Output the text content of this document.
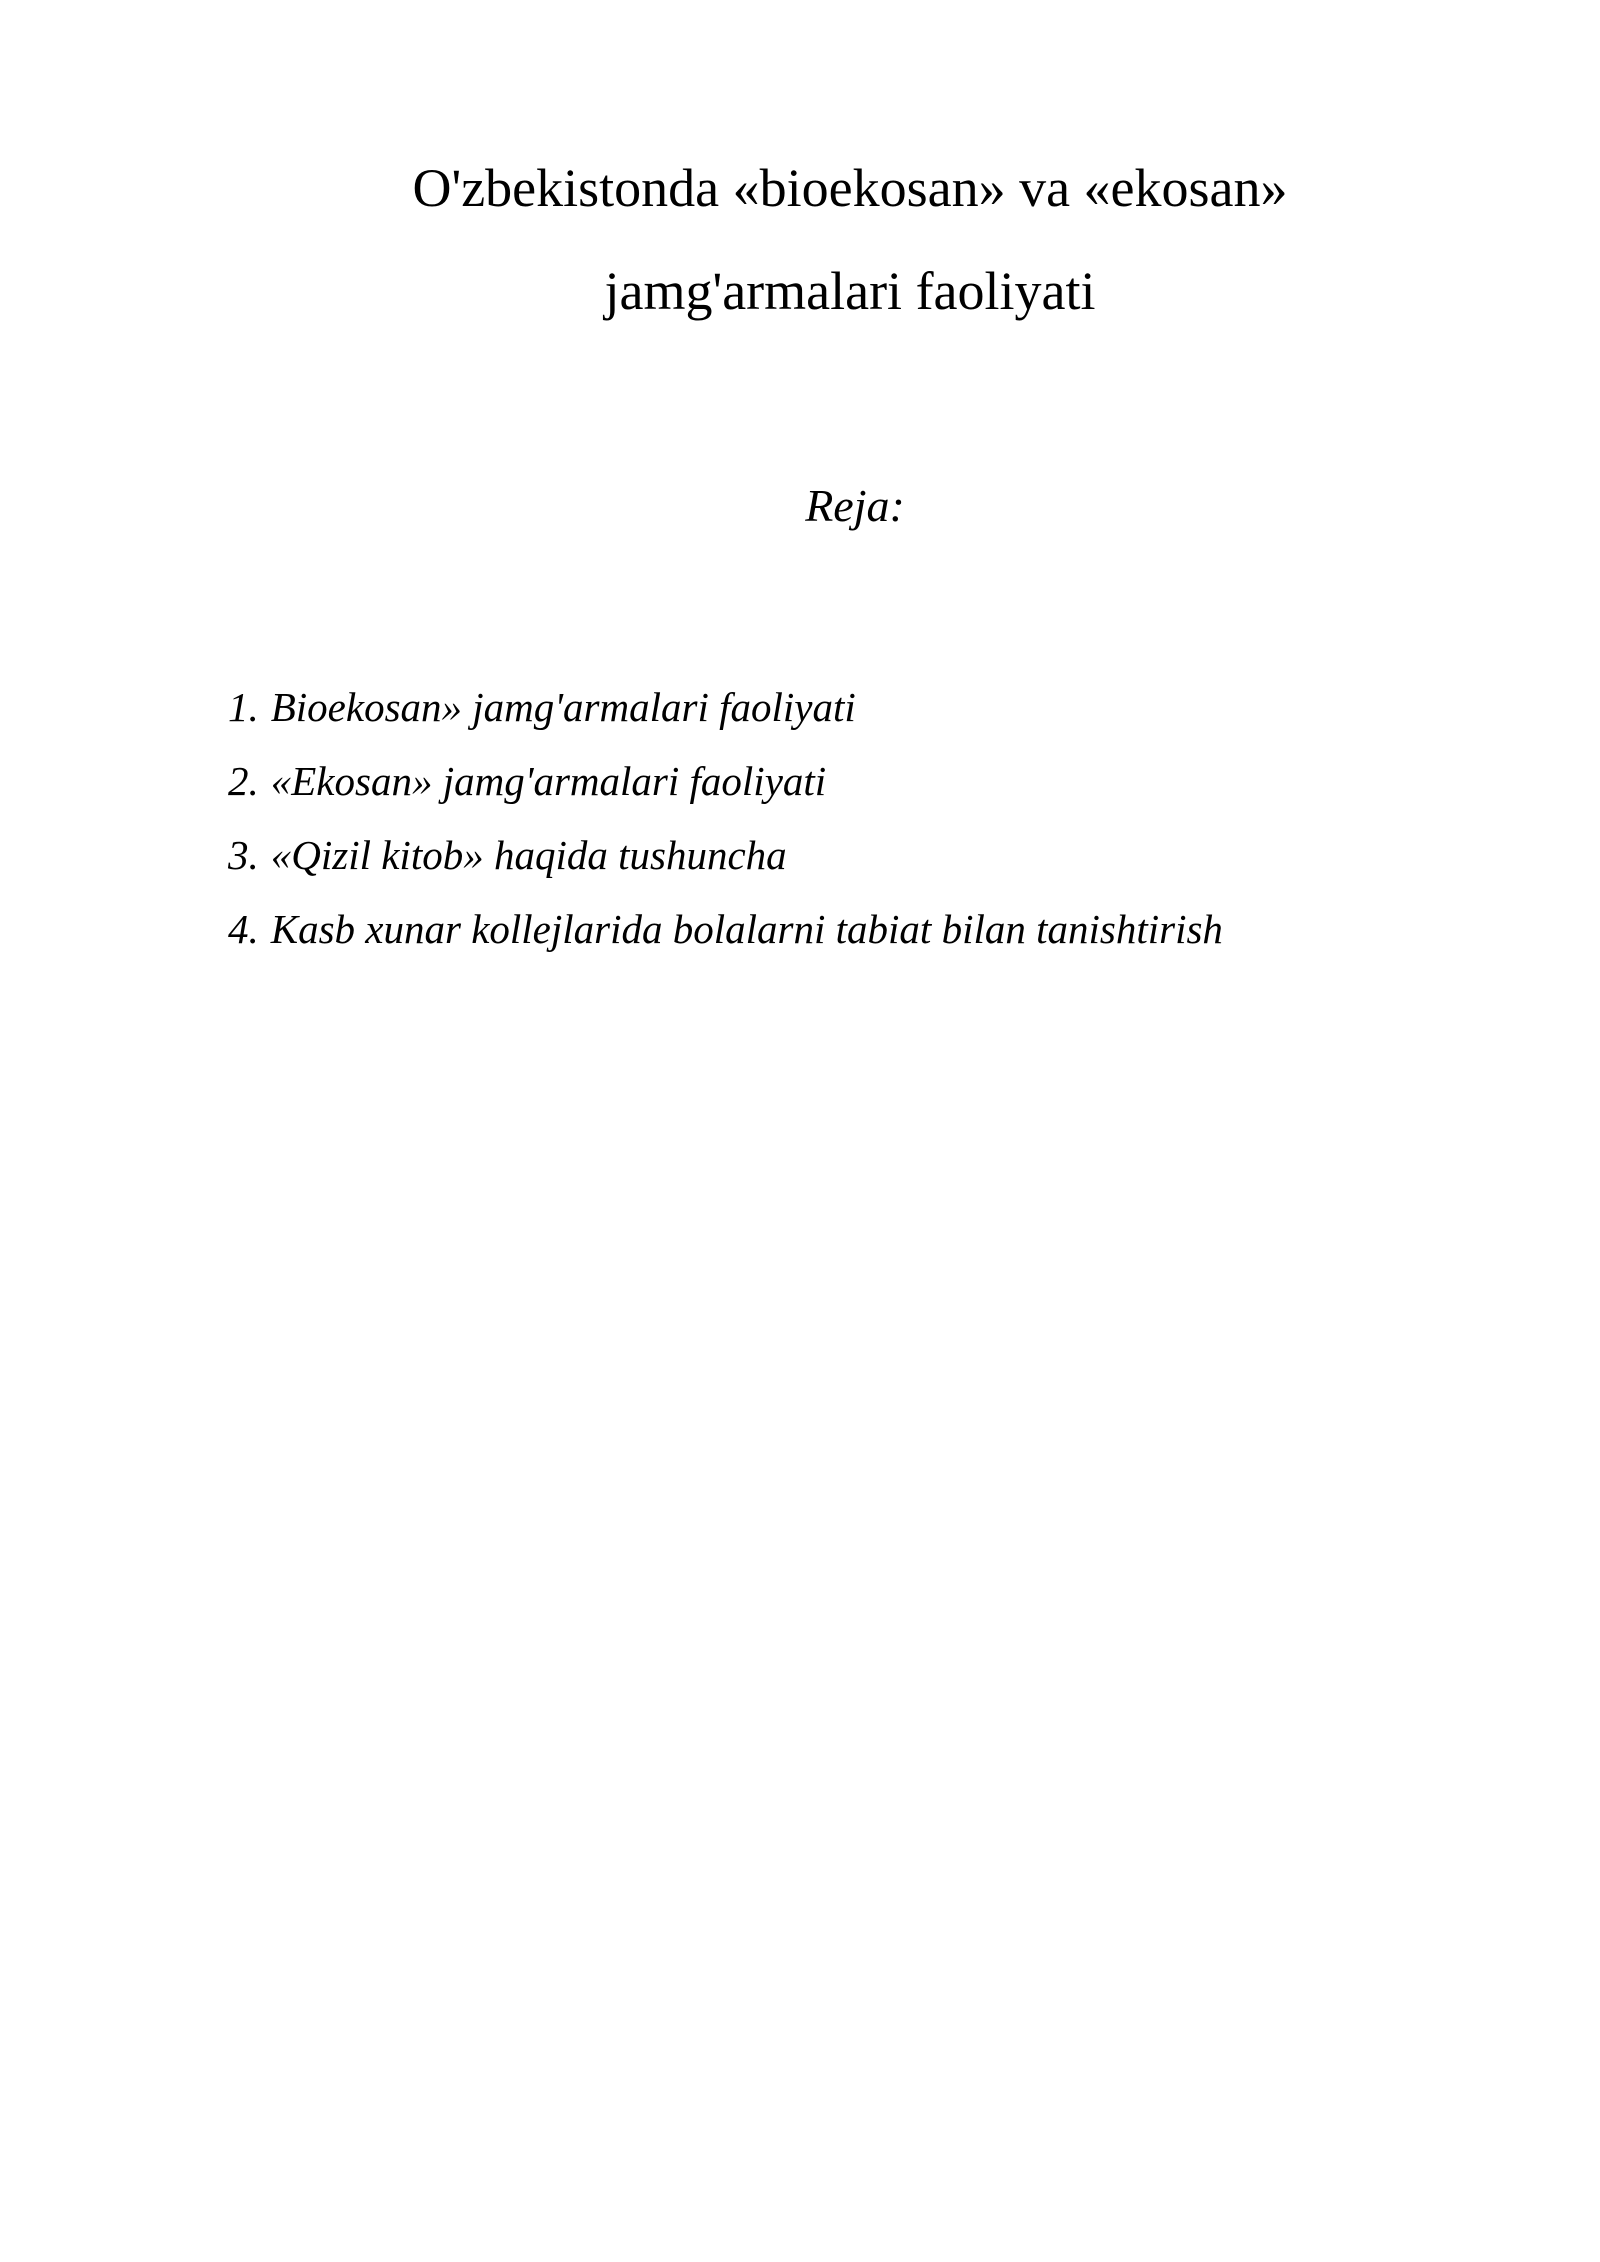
O'zbekistonda «bioekosan» va «ekosan»
jamg'armalari faoliyati
Reja:
1. Bioekosan» jamg'armalari faoliyati
2. «Ekosan» jamg'armalari faoliyati
3. «Qizil kitob» haqida tushuncha
4. Kasb xunar kollejlarida bolalarni tabiat bilan tanishtirish
